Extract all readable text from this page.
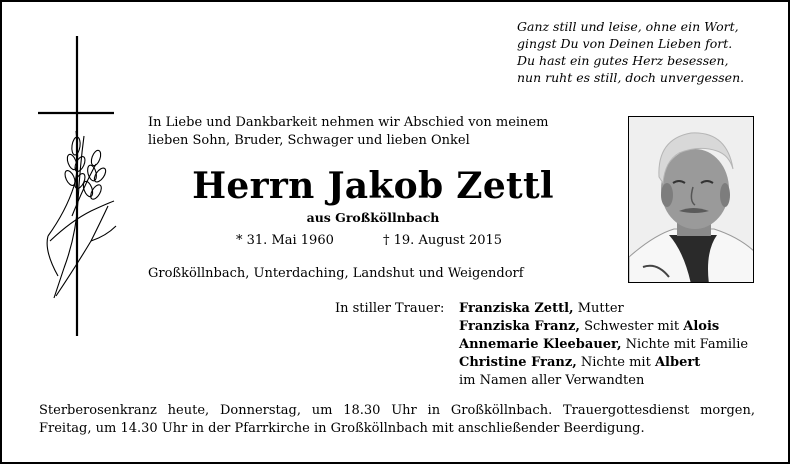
Ganz still und leise, ohne ein Wort,
gingst Du von Deinen Lieben fort.
Du hast ein gutes Herz besessen,
nun ruht es still, doch unvergessen.
In Liebe und Dankbarkeit nehmen wir Abschied von meinem
lieben Sohn, Bruder, Schwager und lieben Onkel
Herrn Jakob Zettl
aus Großköllnbach
* 31. Mai 1960	† 19. August 2015
Großköllnbach, Unterdaching, Landshut und Weigendorf
In stiller Trauer: Franziska Zettl, Mutter
Franziska Franz, Schwester mit Alois
Annemarie Kleebauer, Nichte mit Familie
Christine Franz, Nichte mit Albert
im Namen aller Verwandten
Sterberosenkranz heute, Donnerstag, um 18.30 Uhr in Großköllnbach. Trauergottesdienst morgen,
Freitag, um 14.30 Uhr in der Pfarrkirche in Großköllnbach mit anschließender Beerdigung.
